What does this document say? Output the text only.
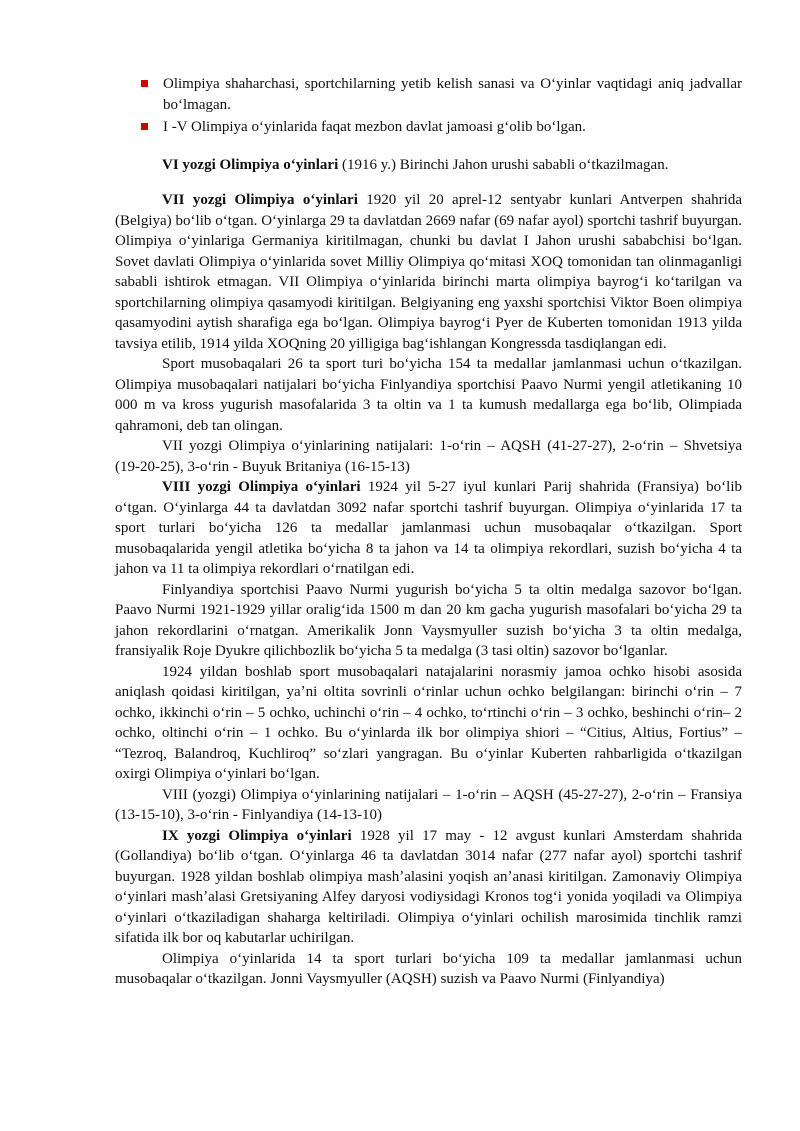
Olimpiya shaharchasi, sportchilarning yetib kelish sanasi va Oʻyinlar vaqtidagi aniq jadvallar boʻlmagan.
I -V Olimpiya oʻyinlarida faqat mezbon davlat jamoasi gʻolib boʻlgan.

VI yozgi Olimpiya oʻyinlari (1916 y.) Birinchi Jahon urushi sababli oʻtkazilmagan.

VII yozgi Olimpiya oʻyinlari 1920 yil 20 aprel-12 sentyabr kunlari Antverpen shahrida (Belgiya) boʻlib oʻtgan. Oʻyinlarga 29 ta davlatdan 2669 nafar (69 nafar ayol) sportchi tashrif buyurgan. Olimpiya oʻyinlariga Germaniya kiritilmagan, chunki bu davlat I Jahon urushi sababchisi boʻlgan. Sovet davlati Olimpiya oʻyinlarida sovet Milliy Olimpiya qoʻmitasi XOQ tomonidan tan olinmaganligi sababli ishtirok etmagan. VII Olimpiya oʻyinlarida birinchi marta olimpiya bayrogʻi koʻtarilgan va sportchilarning olimpiya qasamyodi kiritilgan. Belgiyaning eng yaxshi sportchisi Viktor Boen olimpiya qasamyodini aytish sharafiga ega boʻlgan. Olimpiya bayrogʻi Pyer de Kuberten tomonidan 1913 yilda tavsiya etilib, 1914 yilda XOQning 20 yilligiga bagʻishlangan Kongressda tasdiqlangan edi.

Sport musobaqalari 26 ta sport turi boʻyicha 154 ta medallar jamlanmasi uchun oʻtkazilgan. Olimpiya musobaqalari natijalari boʻyicha Finlyandiya sportchisi Paavo Nurmi yengil atletikaning 10 000 m va kross yugurish masofalarida 3 ta oltin va 1 ta kumush medallarga ega boʻlib, Olimpiada qahramoni, deb tan olingan.

VII yozgi Olimpiya oʻyinlarining natijalari: 1-oʻrin – AQSH (41-27-27), 2-oʻrin – Shvetsiya (19-20-25), 3-oʻrin - Buyuk Britaniya (16-15-13)

VIII yozgi Olimpiya oʻyinlari 1924 yil 5-27 iyul kunlari Parij shahrida (Fransiya) boʻlib oʻtgan. Oʻyinlarga 44 ta davlatdan 3092 nafar sportchi tashrif buyurgan. Olimpiya oʻyinlarida 17 ta sport turlari boʻyicha 126 ta medallar jamlanmasi uchun musobaqalar oʻtkazilgan. Sport musobaqalarida yengil atletika boʻyicha 8 ta jahon va 14 ta olimpiya rekordlari, suzish boʻyicha 4 ta jahon va 11 ta olimpiya rekordlari oʻrnatilgan edi.

Finlyandiya sportchisi Paavo Nurmi yugurish boʻyicha 5 ta oltin medalga sazovor boʻlgan. Paavo Nurmi 1921-1929 yillar oraligʻida 1500 m dan 20 km gacha yugurish masofalari boʻyicha 29 ta jahon rekordlarini oʻrnatgan. Amerikalik Jonn Vaysmyuller suzish boʻyicha 3 ta oltin medalga, fransiyalik Roje Dyukre qilichbozlik boʻyicha 5 ta medalga (3 tasi oltin) sazovor boʻlganlar.

1924 yildan boshlab sport musobaqalari natajalarini norasmiy jamoa ochko hisobi asosida aniqlash qoidasi kiritilgan, yaʼni oltita sovrinli oʻrinlar uchun ochko belgilangan: birinchi oʻrin – 7 ochko, ikkinchi oʻrin – 5 ochko, uchinchi oʻrin – 4 ochko, toʻrtinchi oʻrin – 3 ochko, beshinchi oʻrin– 2 ochko, oltinchi oʻrin – 1 ochko. Bu oʻyinlarda ilk bor olimpiya shiori – “Citius, Altius, Fortius” – “Tezroq, Balandroq, Kuchliroq” soʻzlari yangragan. Bu oʻyinlar Kuberten rahbarligida oʻtkazilgan oxirgi Olimpiya oʻyinlari boʻlgan.

VIII (yozgi) Olimpiya oʻyinlarining natijalari – 1-oʻrin – AQSH (45-27-27), 2-oʻrin – Fransiya (13-15-10), 3-oʻrin - Finlyandiya (14-13-10)

IX yozgi Olimpiya oʻyinlari 1928 yil 17 may - 12 avgust kunlari Amsterdam shahrida (Gollandiya) boʻlib oʻtgan. Oʻyinlarga 46 ta davlatdan 3014 nafar (277 nafar ayol) sportchi tashrif buyurgan. 1928 yildan boshlab olimpiya mashʼalasini yoqish anʼanasi kiritilgan. Zamonaviy Olimpiya oʻyinlari mashʼalasi Gretsiyaning Alfey daryosi vodiysidagi Kronos togʻi yonida yoqiladi va Olimpiya oʻyinlari oʻtkaziladigan shaharga keltiriladi. Olimpiya oʻyinlari ochilish marosimida tinchlik ramzi sifatida ilk bor oq kabutarlar uchirilgan.

Olimpiya oʻyinlarida 14 ta sport turlari boʻyicha 109 ta medallar jamlanmasi uchun musobaqalar oʻtkazilgan. Jonni Vaysmyuller (AQSH) suzish va Paavo Nurmi (Finlyandiya)
